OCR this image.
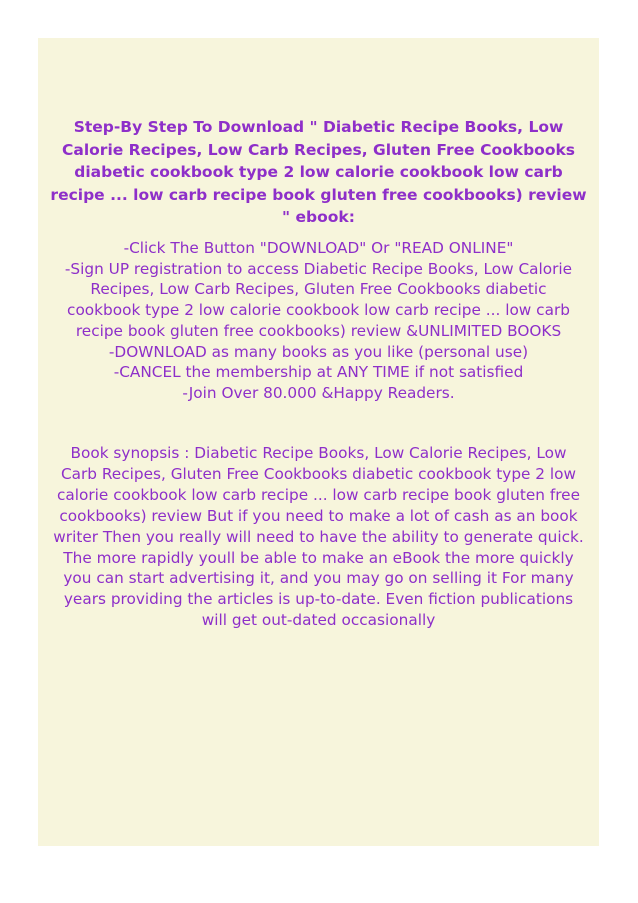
Step-By Step To Download " Diabetic Recipe Books, Low
Calorie Recipes, Low Carb Recipes, Gluten Free Cookbooks
diabetic cookbook type 2 low calorie cookbook low carb
recipe ... low carb recipe book gluten free cookbooks) review
" ebook:
-Click The Button "DOWNLOAD" Or "READ ONLINE"
-Sign UP registration to access Diabetic Recipe Books, Low Calorie
Recipes, Low Carb Recipes, Gluten Free Cookbooks diabetic
cookbook type 2 low calorie cookbook low carb recipe ... low carb
recipe book gluten free cookbooks) review &UNLIMITED BOOKS
-DOWNLOAD as many books as you like (personal use)
-CANCEL the membership at ANY TIME if not satisfied
-Join Over 80.000 &Happy Readers.
Book synopsis : Diabetic Recipe Books, Low Calorie Recipes, Low
Carb Recipes, Gluten Free Cookbooks diabetic cookbook type 2 low
calorie cookbook low carb recipe ... low carb recipe book gluten free
cookbooks) review But if you need to make a lot of cash as an book
writer Then you really will need to have the ability to generate quick.
The more rapidly youll be able to make an eBook the more quickly
you can start advertising it, and you may go on selling it For many
years providing the articles is up-to-date. Even fiction publications
will get out-dated occasionally
